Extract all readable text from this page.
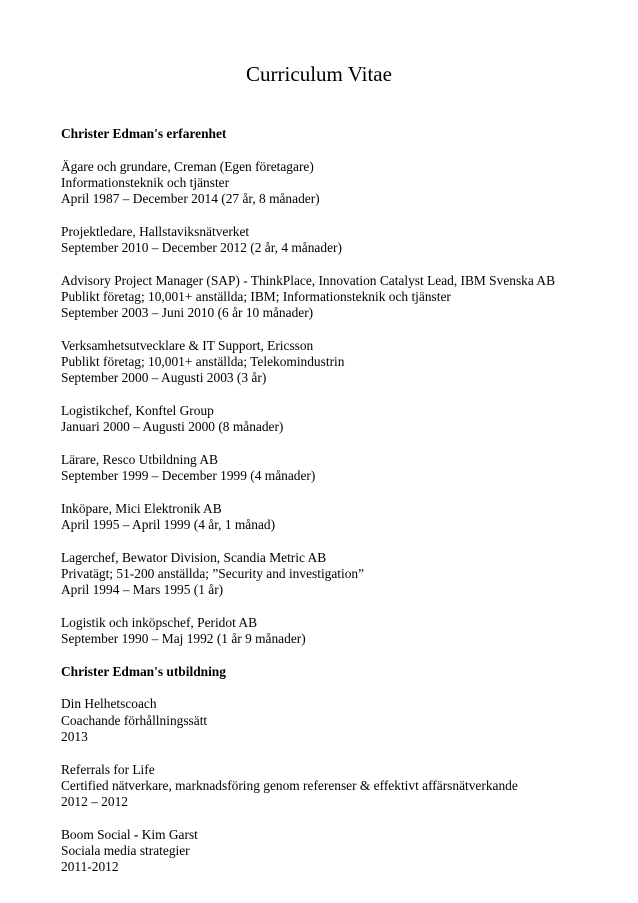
Curriculum Vitae
Christer Edman's erfarenhet
Ägare och grundare, Creman (Egen företagare)
Informationsteknik och tjänster
April 1987 – December 2014 (27 år, 8 månader)
Projektledare, Hallstaviksnätverket
September 2010 – December 2012 (2 år, 4 månader)
Advisory Project Manager (SAP) - ThinkPlace, Innovation Catalyst Lead, IBM Svenska AB
Publikt företag; 10,001+ anställda; IBM; Informationsteknik och tjänster
September 2003 – Juni 2010 (6 år 10 månader)
Verksamhetsutvecklare & IT Support, Ericsson
Publikt företag; 10,001+ anställda; Telekomindustrin
September 2000 – Augusti 2003 (3 år)
Logistikchef, Konftel Group
Januari 2000 – Augusti 2000 (8 månader)
Lärare, Resco Utbildning AB
September 1999 – December 1999 (4 månader)
Inköpare, Mici Elektronik AB
April 1995 – April 1999 (4 år, 1 månad)
Lagerchef, Bewator Division, Scandia Metric AB
Privatägt; 51-200 anställda; ”Security and investigation”
April 1994 – Mars 1995 (1 år)
Logistik och inköpschef, Peridot AB
September 1990 – Maj 1992 (1 år 9 månader)
Christer Edman's utbildning
Din Helhetscoach
Coachande förhållningssätt
2013
Referrals for Life
Certified nätverkare, marknadsföring genom referenser & effektivt affärsnätverkande
2012 – 2012
Boom Social - Kim Garst
Sociala media strategier
2011-2012
